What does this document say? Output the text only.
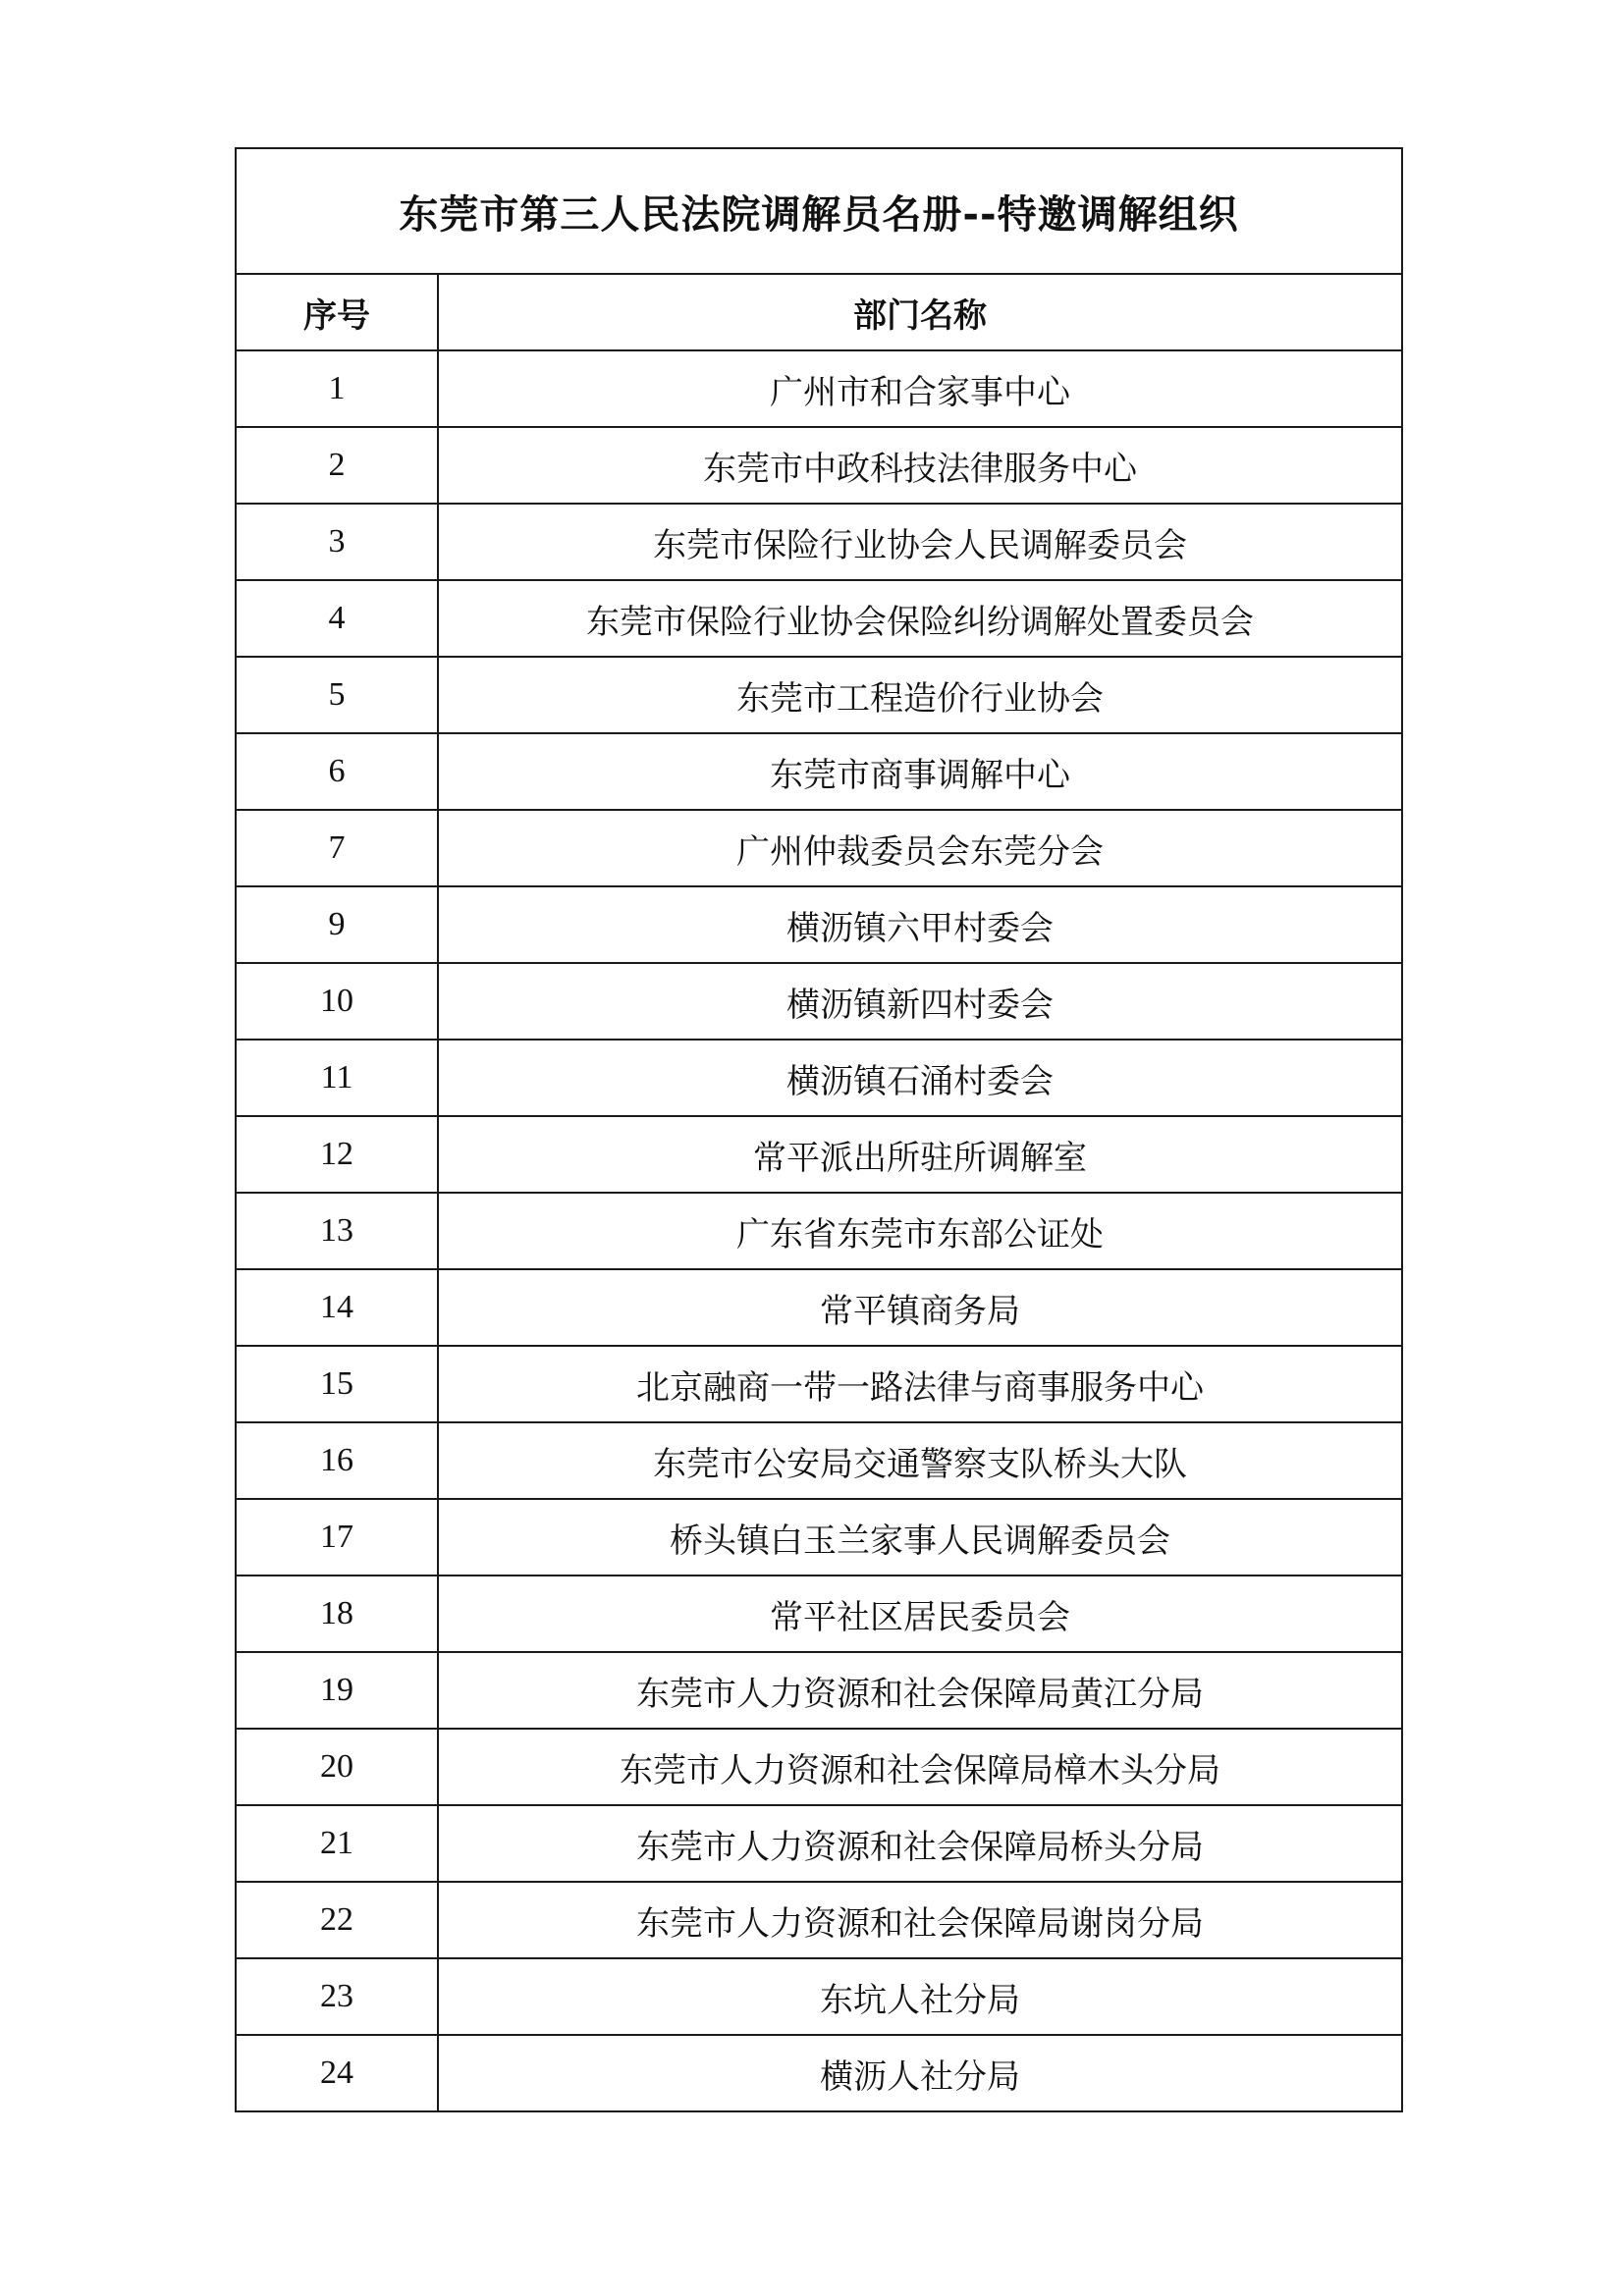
东莞市第三人民法院调解员名册--特邀调解组织	
序号	部门名称
1	广州市和合家事中心
2	东莞市中政科技法律服务中心
3	东莞市保险行业协会人民调解委员会
4	东莞市保险行业协会保险纠纷调解处置委员会
5	东莞市工程造价行业协会
6	东莞市商事调解中心
7	广州仲裁委员会东莞分会
9	横沥镇六甲村委会
10	横沥镇新四村委会
11	横沥镇石涌村委会
12	常平派出所驻所调解室
13	广东省东莞市东部公证处
14	常平镇商务局
15	北京融商一带一路法律与商事服务中心
16	东莞市公安局交通警察支队桥头大队
17	桥头镇白玉兰家事人民调解委员会
18	常平社区居民委员会
19	东莞市人力资源和社会保障局黄江分局
20	东莞市人力资源和社会保障局樟木头分局
21	东莞市人力资源和社会保障局桥头分局
22	东莞市人力资源和社会保障局谢岗分局
23	东坑人社分局
24	横沥人社分局
